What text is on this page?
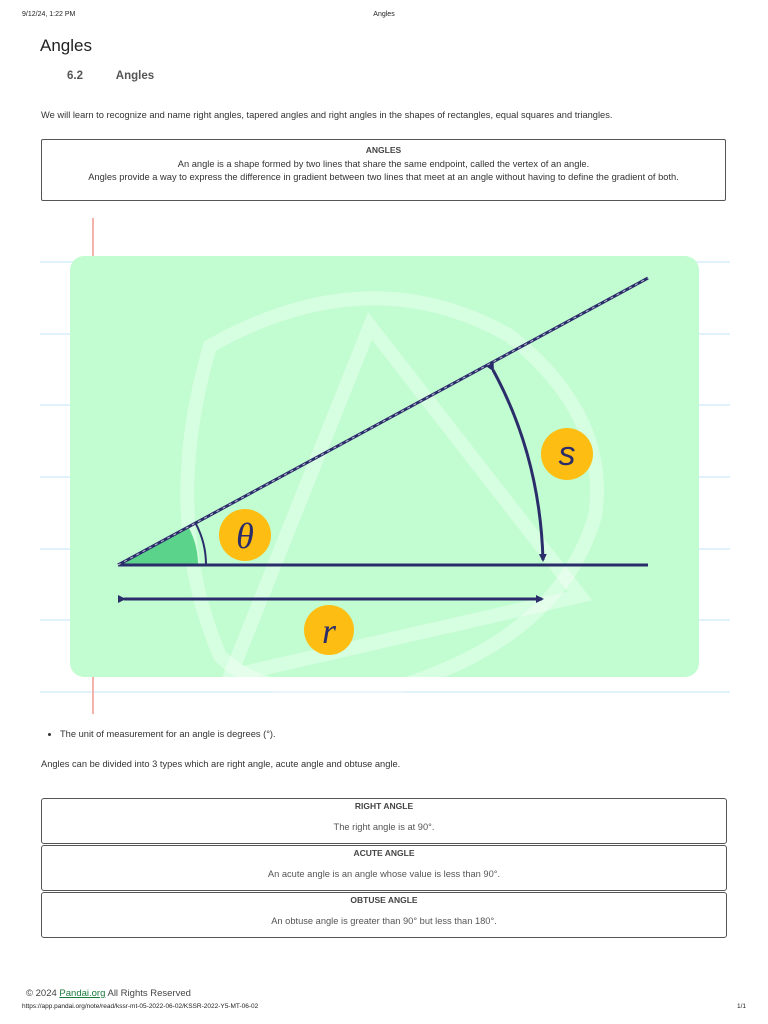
9/12/24, 1:22 PM	Angles
Angles
6.2	Angles

We will learn to recognize and name right angles, tapered angles and right angles in the shapes of rectangles, equal squares and triangles.

ANGLES
An angle is a shape formed by two lines that share the same endpoint, called the vertex of an angle.
Angles provide a way to express the difference in gradient between two lines that meet at an angle without having to define the gradient of both.
θ
s
r
• The unit of measurement for an angle is degrees (°).

Angles can be divided into 3 types which are right angle, acute angle and obtuse angle.

RIGHT ANGLE
The right angle is at 90°.
ACUTE ANGLE
An acute angle is an angle whose value is less than 90°.
OBTUSE ANGLE
An obtuse angle is greater than 90° but less than 180°.
© 2024 Pandai.org All Rights Reserved
https://app.pandai.org/note/read/kssr-mt-05-2022-06-02/KSSR-2022-Y5-MT-06-02	1/1
